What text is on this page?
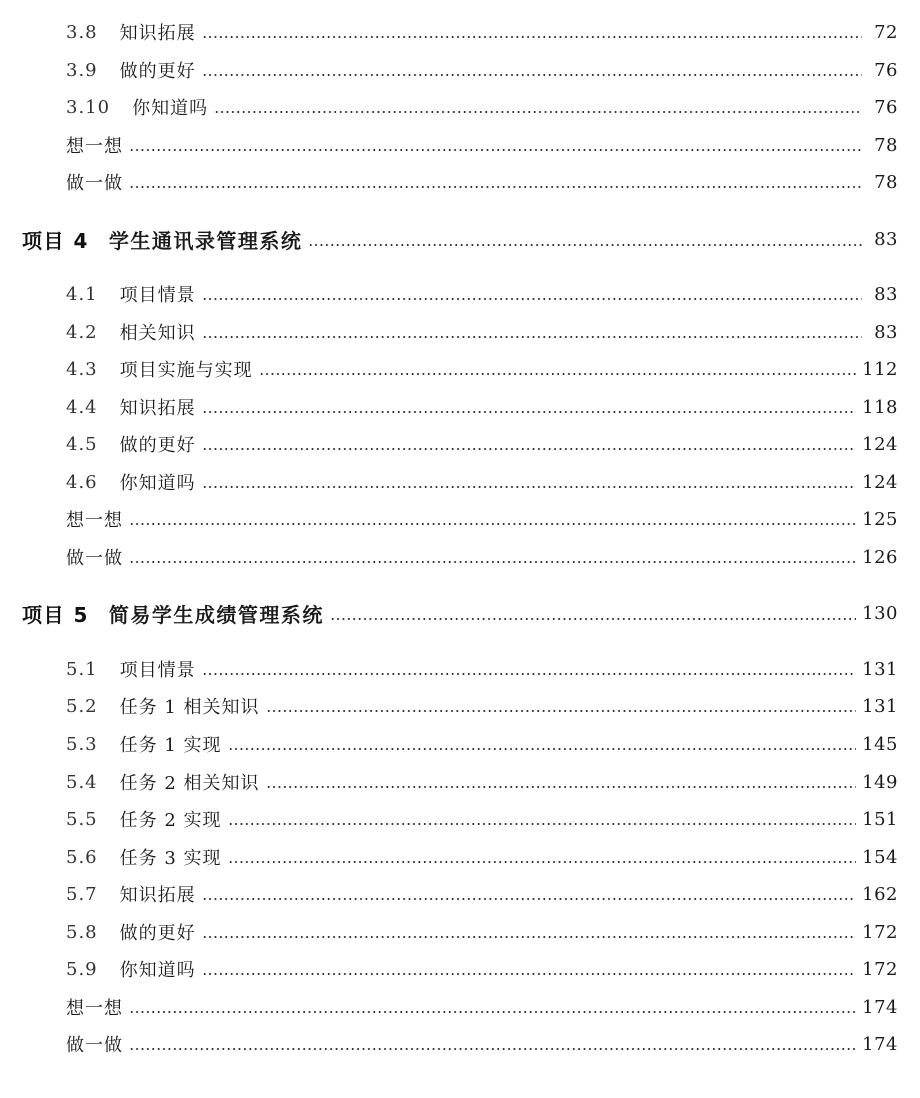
3.8 知识拓展	72
3.9 做的更好	76
3.10 你知道吗	76
想一想	78
做一做	78
项目 4 学生通讯录管理系统	83
4.1 项目情景	83
4.2 相关知识	83
4.3 项目实施与实现	112
4.4 知识拓展	118
4.5 做的更好	124
4.6 你知道吗	124
想一想	125
做一做	126
项目 5 简易学生成绩管理系统	130
5.1 项目情景	131
5.2 任务 1 相关知识	131
5.3 任务 1 实现	145
5.4 任务 2 相关知识	149
5.5 任务 2 实现	151
5.6 任务 3 实现	154
5.7 知识拓展	162
5.8 做的更好	172
5.9 你知道吗	172
想一想	174
做一做	174
